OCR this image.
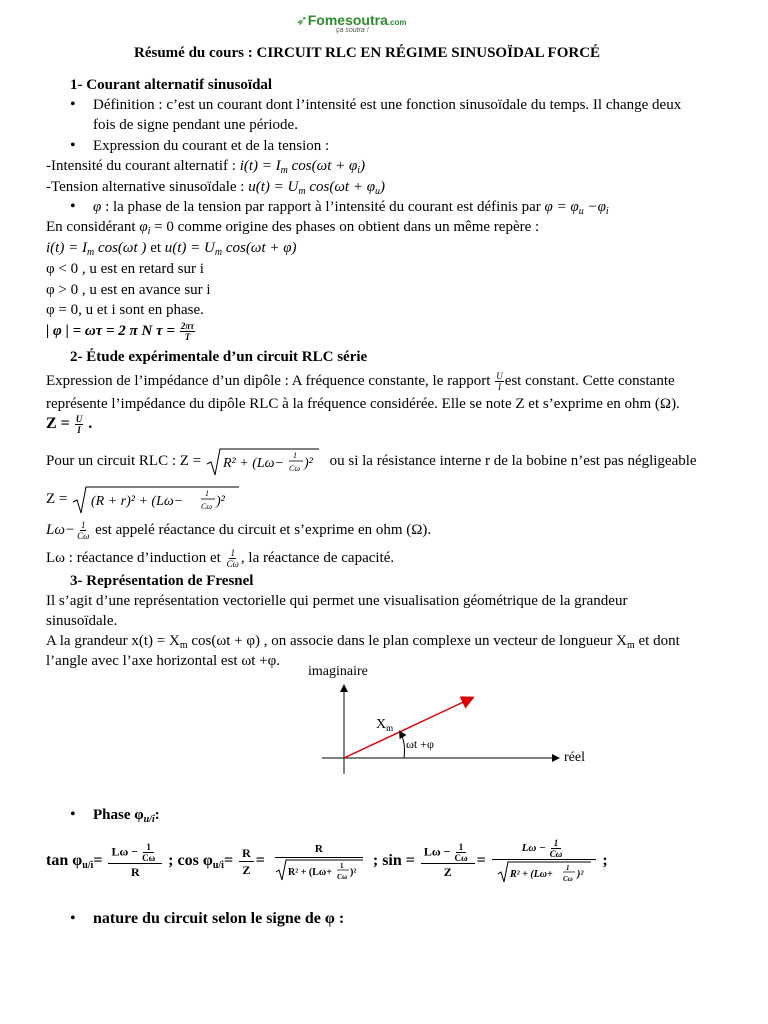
➶Fomesoutra.com
ça soutra !
Résumé du cours : CIRCUIT RLC EN RÉGIME SINUSOÏDAL FORCÉ
1- Courant alternatif sinusoïdal
• Définition : c’est un courant dont l’intensité est une fonction sinusoïdale du temps. Il change deux
fois de signe pendant une période.
• Expression du courant et de la tension :
-Intensité du courant alternatif : $i(t) = I_m$ $\cos(\omega t + \varphi_i)$
-Tension alternative sinusoïdale : $u(t) = U_m$ $\cos(\omega t + \varphi_u)$
• φ : la phase de la tension par rapport à l’intensité du courant est définis par $\varphi = \varphi_u -\varphi_i$
En considérant $\varphi_i = 0$ comme origine des phases on obtient dans un même repère :
$i(t) = I_m$ cos(ωt ) et $u(t) = U_m$ cos(ωt + φ)
φ < 0 , u est en retard sur i
φ > 0 , u est en avance sur i
φ = 0, u et i sont en phase.
| φ | = ωτ = 2 π N $\tau = \frac{2\pi\tau}{T}$
2- Étude expérimentale d’un circuit RLC série
Expression de l’impédance d’un dipôle : A fréquence constante, le rapport $\frac{U}{I}$ est constant. Cette constante
représente l’impédance du dipôle RLC à la fréquence considérée. Elle se note Z et s’exprime en ohm (Ω).
$Z = \frac{U}{I}$ .
Pour un circuit RLC : Z = R² + (Lω−
1
Cω )² ou si la résistance interne r de la bobine n’est pas négligeable
Z = (R + r)² + (Lω−
1
Cω )²
$L\omega- \frac{1}{C\omega}$ est appelé réactance du circuit et s’exprime en ohm (Ω).
Lω : réactance d’induction et $\frac{1}{C\omega}$ , la réactance de capacité.
3- Représentation de Fresnel
Il s’agit d’une représentation vectorielle qui permet une visualisation géométrique de la grandeur
sinusoïdale.
A la grandeur $x(t) = X_m$ cos(ωt + φ) , on associe dans le plan complexe un vecteur de longueur $X_m$ et dont
l’angle avec l’axe horizontal est ωt +φ.
imaginaire
réel
$X_m$
ωt +φ
• Phase $\varphi_{u/i}$:
$\tan \varphi_{u/i}= \frac{L\omega - \frac{1}{C\omega}}{R}$ ; $\cos \varphi_{u/i}= \frac{R}{Z} = R$
R² + (Lω+
1
Cω )² ; $\sin = \frac{L\omega - \frac{1}{C\omega}}{Z} = L\omega - \frac{1}{C\omega}$
R² + (Lω+
1
Cω )² ;
• nature du circuit selon le signe de φ :
